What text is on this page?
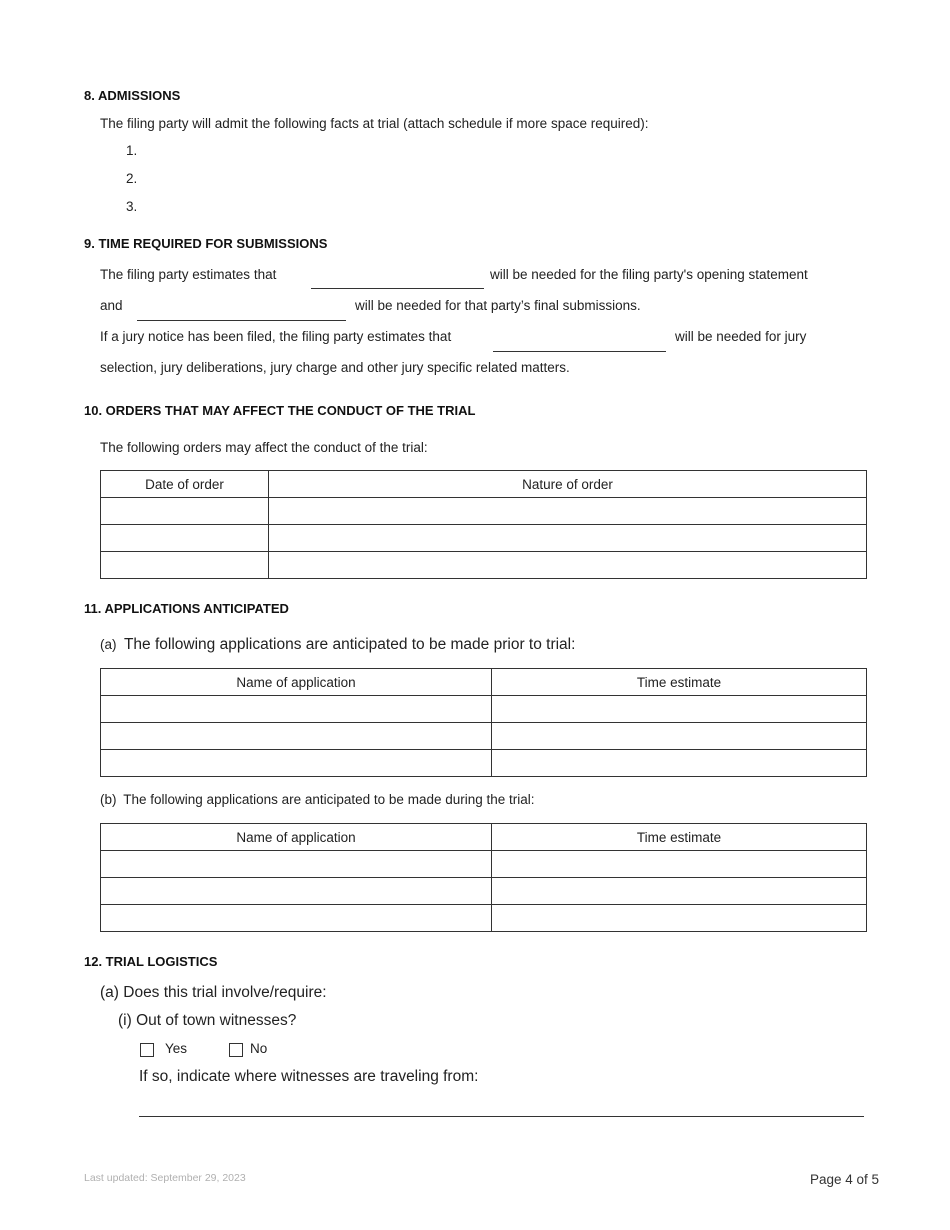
8. ADMISSIONS
The filing party will admit the following facts at trial (attach schedule if more space required):
1.
2.
3.
9. TIME REQUIRED FOR SUBMISSIONS
The filing party estimates that	will be needed for the filing party's opening statement
and	will be needed for that party’s final submissions.
If a jury notice has been filed, the filing party estimates that	will be needed for jury
selection, jury deliberations, jury charge and other jury specific related matters.
10. ORDERS THAT MAY AFFECT THE CONDUCT OF THE TRIAL
The following orders may affect the conduct of the trial:
Date of order	Nature of order

11. APPLICATIONS ANTICIPATED
(a) The following applications are anticipated to be made prior to trial:
Name of application	Time estimate

(b) The following applications are anticipated to be made during the trial:
Name of application	Time estimate

12. TRIAL LOGISTICS
(a) Does this trial involve/require:
(i) Out of town witnesses?
Yes	No
If so, indicate where witnesses are traveling from:
Last updated: September 29, 2023	Page 4 of 5
